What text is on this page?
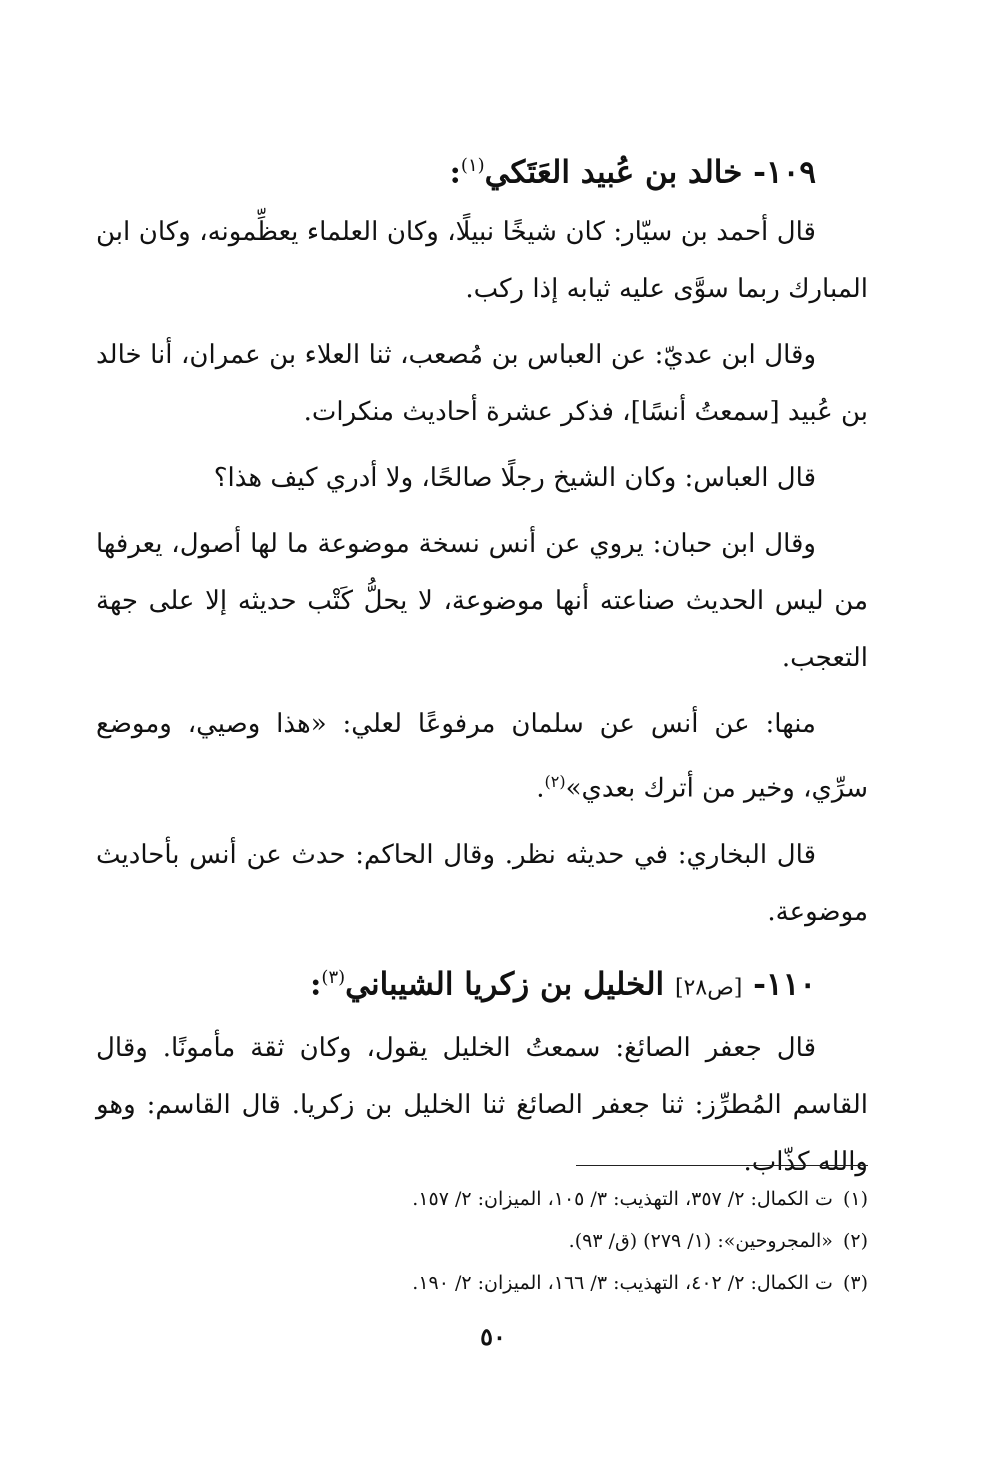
١٠٩- خالد بن عُبيد العَتَكي$^{(١)}$:

قال أحمد بن سيّار: كان شيخًا نبيلًا، وكان العلماء يعظِّمونه، وكان ابن المبارك ربما سوَّى عليه ثيابه إذا ركب.

وقال ابن عديّ: عن العباس بن مُصعب، ثنا العلاء بن عمران، أنا خالد بن عُبيد [سمعتُ أنسًا]، فذكر عشرة أحاديث منكرات.

قال العباس: وكان الشيخ رجلًا صالحًا، ولا أدري كيف هذا؟

وقال ابن حبان: يروي عن أنس نسخة موضوعة ما لها أصول، يعرفها من ليس الحديث صناعته أنها موضوعة، لا يحلُّ كَتْب حديثه إلا على جهة التعجب.

منها: عن أنس عن سلمان مرفوعًا لعلي: «هذا وصيي، وموضع سرِّي، وخير من أترك بعدي»$^{(٢)}$.

قال البخاري: في حديثه نظر. وقال الحاكم: حدث عن أنس بأحاديث موضوعة.

١١٠- [ص٢٨] الخليل بن زكريا الشيباني$^{(٣)}$:

قال جعفر الصائغ: سمعتُ الخليل يقول، وكان ثقة مأمونًا. وقال القاسم المُطرِّز: ثنا جعفر الصائغ ثنا الخليل بن زكريا. قال القاسم: وهو والله كذّاب.

(١)ت الكمال: ٢/ ٣٥٧، التهذيب: ٣/ ١٠٥، الميزان: ٢/ ١٥٧.
(٢)«المجروحين»: (١/ ٢٧٩) (ق/ ٩٣).
(٣)ت الكمال: ٢/ ٤٠٢، التهذيب: ٣/ ١٦٦، الميزان: ٢/ ١٩٠.
٥٠
